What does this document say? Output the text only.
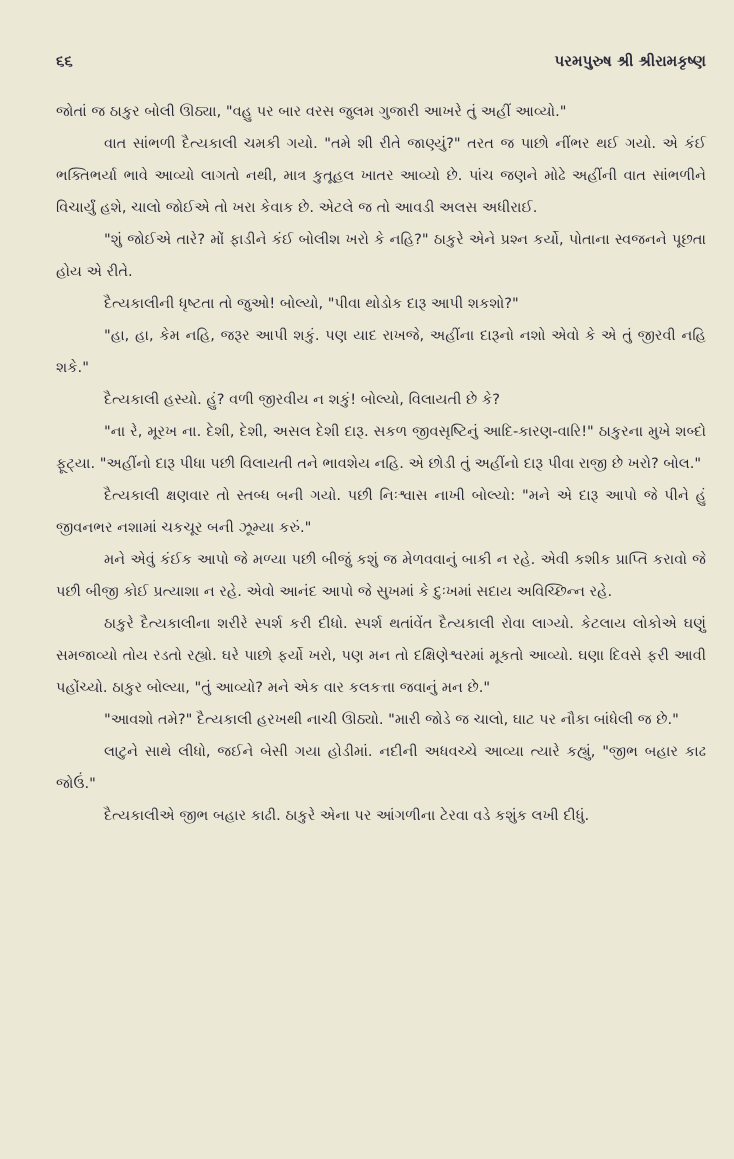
૬૬	પરમપુરુષ શ્રી શ્રીરામકૃષ્ણ

જોતાં જ ઠાકુર બોલી ઊઠ્યા, "વહુ પર બાર વરસ જુલમ ગુજારી આખરે તું અહીં આવ્યો."

વાત સાંભળી દૈત્યકાલી ચમકી ગયો. "તમે શી રીતે જાણ્યું?" તરત જ પાછો નીંભર થઈ ગયો. એ કંઈ ભક્તિભર્યા ભાવે આવ્યો લાગતો નથી, માત્ર કુતૂહલ ખાતર આવ્યો છે. પાંચ જણને મોઢે અહીંની વાત સાંભળીને વિચાર્યું હશે, ચાલો જોઈએ તો ખરા કેવાક છે. એટલે જ તો આવડી અલસ અધીરાઈ.

"શું જોઈએ તારે? મોં ફાડીને કંઈ બોલીશ ખરો કે નહિ?" ઠાકુરે એને પ્રશ્ન કર્યો, પોતાના સ્વજનને પૂછતા હોય એ રીતે.

દૈત્યકાલીની ધૃષ્ટતા તો જુઓ! બોલ્યો, "પીવા થોડોક દારૂ આપી શકશો?"

"હા, હા, કેમ નહિ, જરૂર આપી શકું. પણ યાદ રાખજે, અહીંના દારૂનો નશો એવો કે એ તું જીરવી નહિ શકે."

દૈત્યકાલી હસ્યો. હું? વળી જીરવીય ન શકું! બોલ્યો, વિલાયતી છે કે?

"ના રે, મૂરખ ના. દેશી, દેશી, અસલ દેશી દારૂ. સકળ જીવસૃષ્ટિનું આદિ-કારણ-વારિ!" ઠાકુરના મુખે શબ્દો ફૂટ્યા. "અહીંનો દારૂ પીધા પછી વિલાયતી તને ભાવશેય નહિ. એ છોડી તું અહીંનો દારૂ પીવા રાજી છે ખરો? બોલ."

દૈત્યકાલી ક્ષણવાર તો સ્તબ્ધ બની ગયો. પછી નિઃશ્વાસ નાખી બોલ્યો: "મને એ દારૂ આપો જે પીને હું જીવનભર નશામાં ચકચૂર બની ઝૂમ્યા કરું."

મને એવું કંઈક આપો જે મળ્યા પછી બીજું કશું જ મેળવવાનું બાકી ન રહે. એવી કશીક પ્રાપ્તિ કરાવો જે પછી બીજી કોઈ પ્રત્યાશા ન રહે. એવો આનંદ આપો જે સુખમાં કે દુઃખમાં સદાય અવિચ્છિન્ન રહે.

ઠાકુરે દૈત્યકાલીના શરીરે સ્પર્શ કરી દીધો. સ્પર્શ થતાંવેંત દૈત્યકાલી રોવા લાગ્યો. કેટલાય લોકોએ ઘણું સમજાવ્યો તોય રડતો રહ્યો. ઘરે પાછો ફર્યો ખરો, પણ મન તો દક્ષિણેશ્વરમાં મૂકતો આવ્યો. ઘણા દિવસે ફરી આવી પહોંચ્યો. ઠાકુર બોલ્યા, "તું આવ્યો? મને એક વાર કલકત્તા જવાનું મન છે."

"આવશો તમે?" દૈત્યકાલી હરખથી નાચી ઊઠ્યો. "મારી જોડે જ ચાલો, ઘાટ પર નૌકા બાંધેલી જ છે."

લાટુને સાથે લીધો, જઈને બેસી ગયા હોડીમાં. નદીની અધવચ્ચે આવ્યા ત્યારે કહ્યું, "જીભ બહાર કાઢ જોઉં."

દૈત્યકાલીએ જીભ બહાર કાઢી. ઠાકુરે એના પર આંગળીના ટેરવા વડે કશુંક લખી દીધું.
